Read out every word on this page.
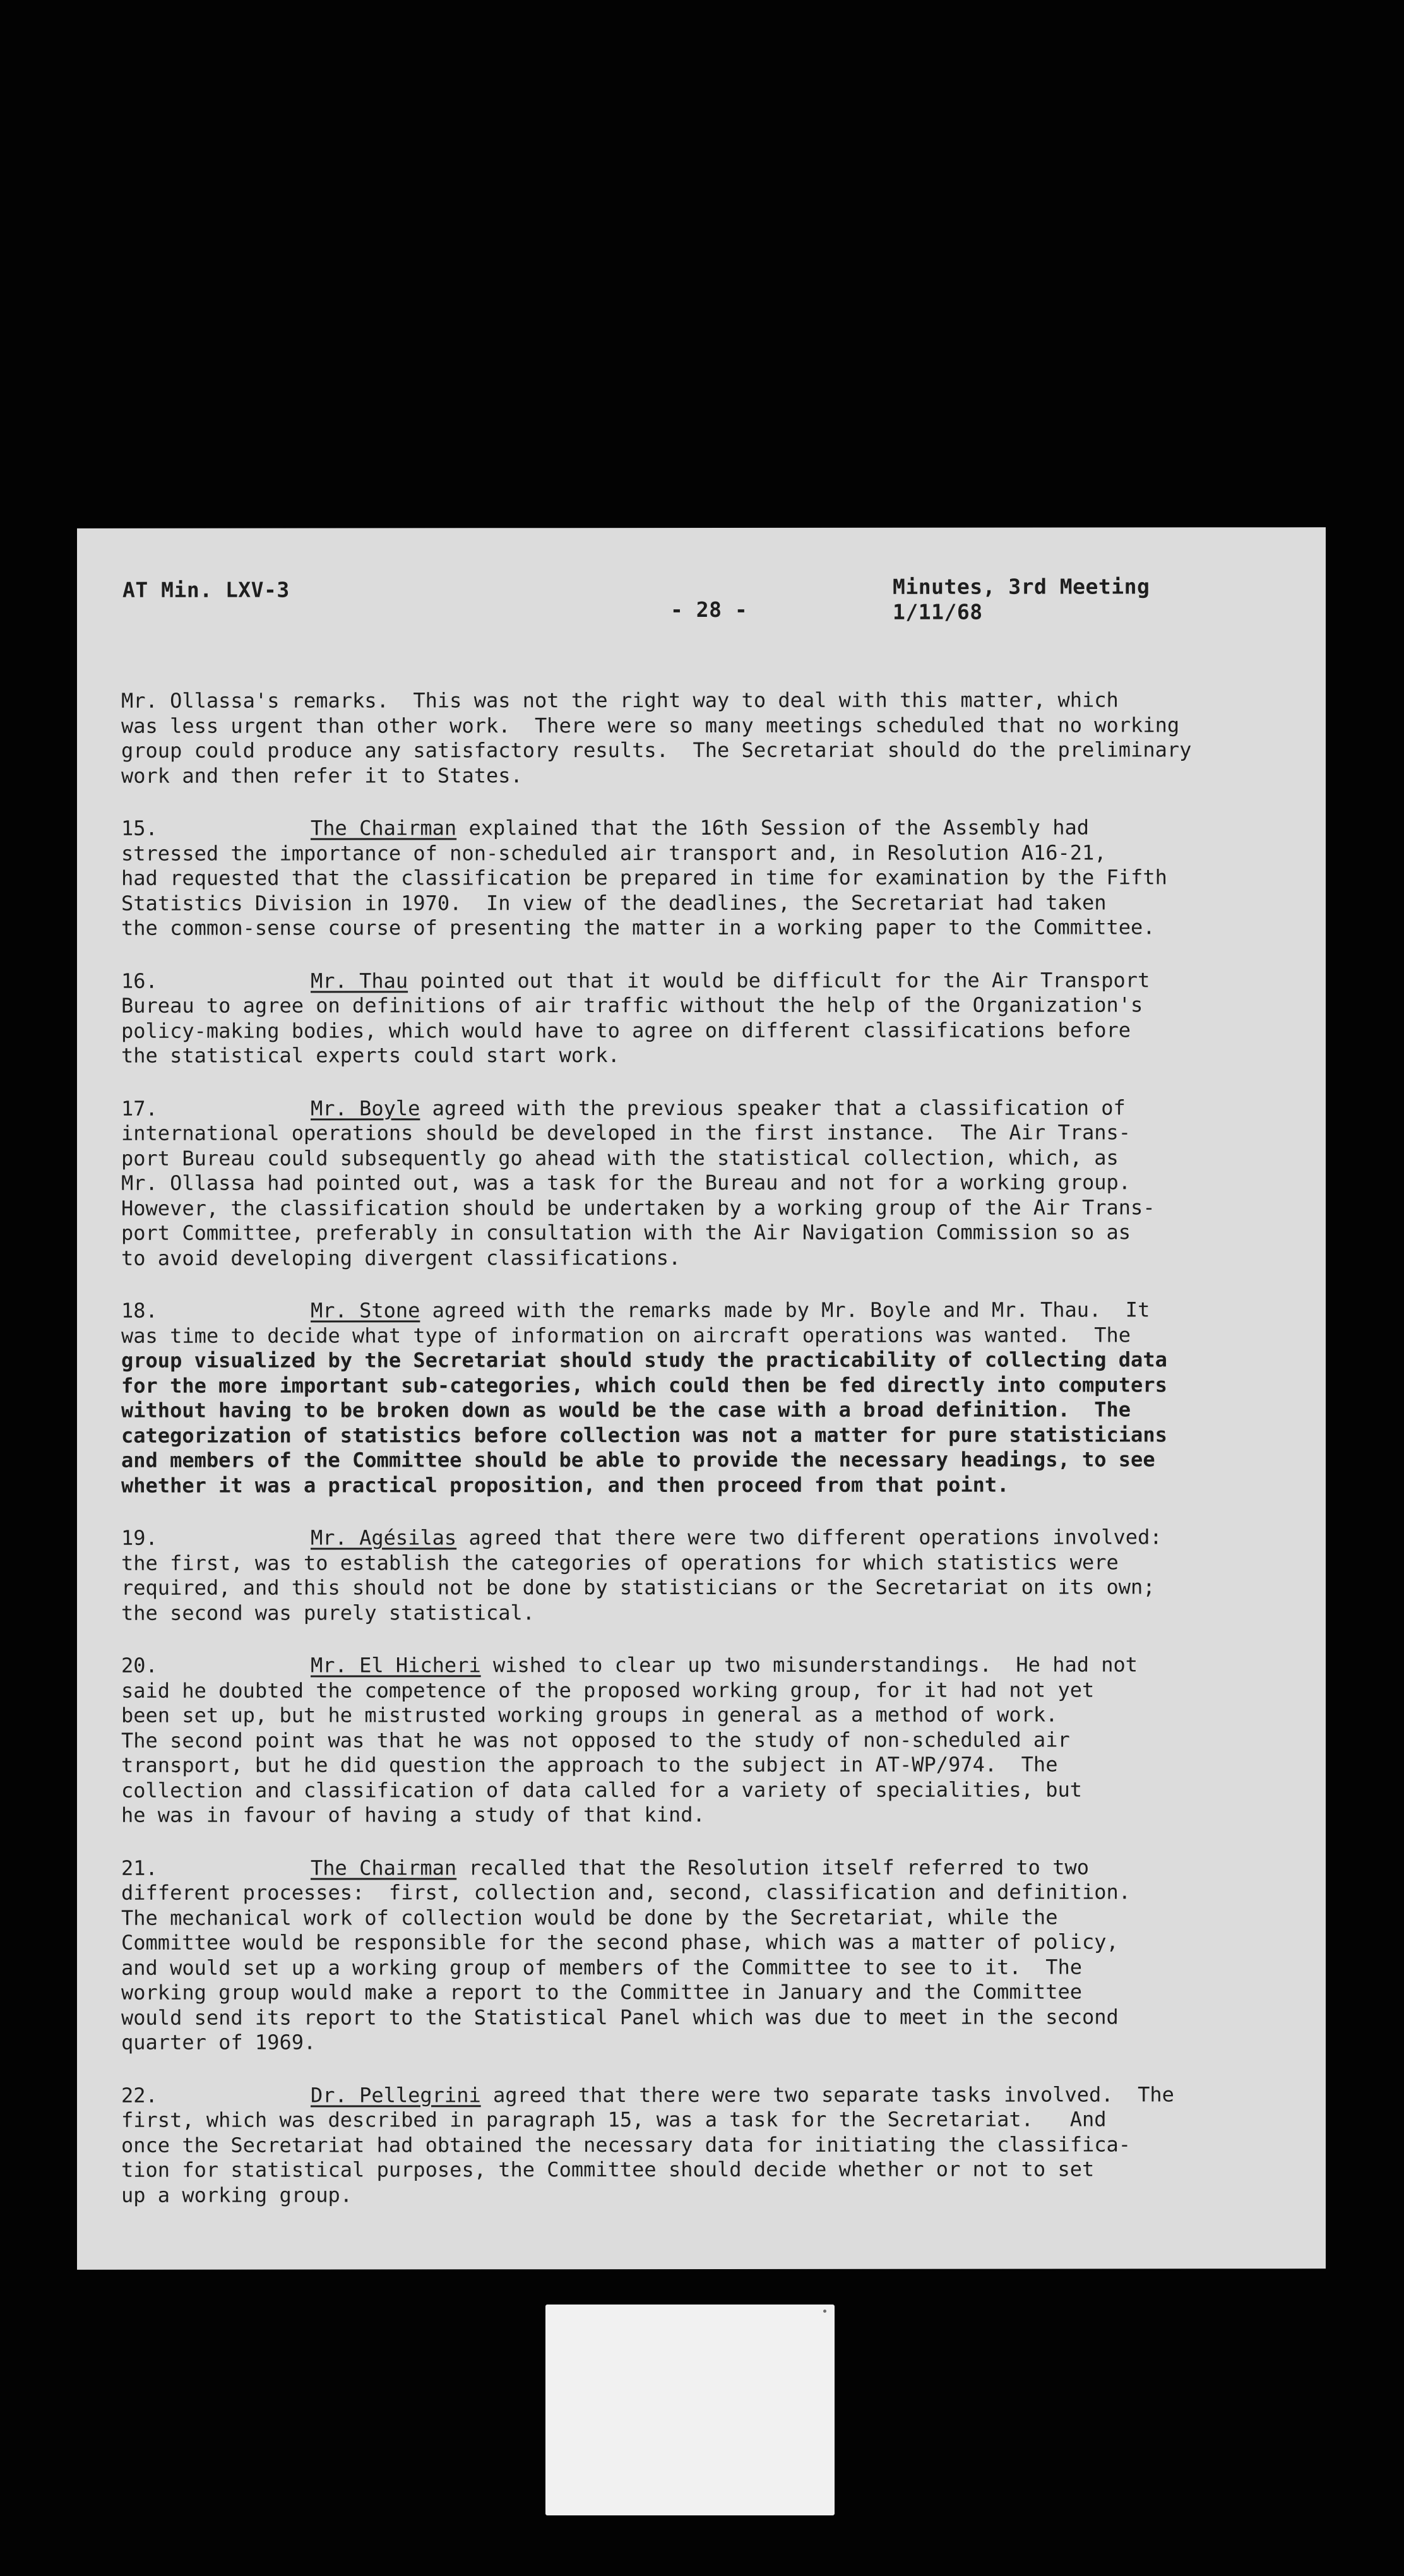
AT Min. LXV-3
- 28 -
Minutes, 3rd Meeting
1/11/68
Mr. Ollassa's remarks.  This was not the right way to deal with this matter, which
was less urgent than other work.  There were so many meetings scheduled that no working
group could produce any satisfactory results.  The Secretariat should do the preliminary
work and then refer it to States.
15.	The Chairman explained that the 16th Session of the Assembly had
stressed the importance of non-scheduled air transport and, in Resolution A16-21,
had requested that the classification be prepared in time for examination by the Fifth
Statistics Division in 1970.  In view of the deadlines, the Secretariat had taken
the common-sense course of presenting the matter in a working paper to the Committee.
16.	Mr. Thau pointed out that it would be difficult for the Air Transport
Bureau to agree on definitions of air traffic without the help of the Organization's
policy-making bodies, which would have to agree on different classifications before
the statistical experts could start work.
17.	Mr. Boyle agreed with the previous speaker that a classification of
international operations should be developed in the first instance.  The Air Trans-
port Bureau could subsequently go ahead with the statistical collection, which, as
Mr. Ollassa had pointed out, was a task for the Bureau and not for a working group.
However, the classification should be undertaken by a working group of the Air Trans-
port Committee, preferably in consultation with the Air Navigation Commission so as
to avoid developing divergent classifications.
18.	Mr. Stone agreed with the remarks made by Mr. Boyle and Mr. Thau.  It
was time to decide what type of information on aircraft operations was wanted.  The
group visualized by the Secretariat should study the practicability of collecting data
for the more important sub-categories, which could then be fed directly into computers
without having to be broken down as would be the case with a broad definition.  The
categorization of statistics before collection was not a matter for pure statisticians
and members of the Committee should be able to provide the necessary headings, to see
whether it was a practical proposition, and then proceed from that point.
19.	Mr. Agésilas agreed that there were two different operations involved:
the first, was to establish the categories of operations for which statistics were
required, and this should not be done by statisticians or the Secretariat on its own;
the second was purely statistical.
20.	Mr. El Hicheri wished to clear up two misunderstandings.  He had not
said he doubted the competence of the proposed working group, for it had not yet
been set up, but he mistrusted working groups in general as a method of work.
The second point was that he was not opposed to the study of non-scheduled air
transport, but he did question the approach to the subject in AT-WP/974.  The
collection and classification of data called for a variety of specialities, but
he was in favour of having a study of that kind.
21.	The Chairman recalled that the Resolution itself referred to two
different processes:  first, collection and, second, classification and definition.
The mechanical work of collection would be done by the Secretariat, while the
Committee would be responsible for the second phase, which was a matter of policy,
and would set up a working group of members of the Committee to see to it.  The
working group would make a report to the Committee in January and the Committee
would send its report to the Statistical Panel which was due to meet in the second
quarter of 1969.
22.	Dr. Pellegrini agreed that there were two separate tasks involved.  The
first, which was described in paragraph 15, was a task for the Secretariat.   And
once the Secretariat had obtained the necessary data for initiating the classifica-
tion for statistical purposes, the Committee should decide whether or not to set
up a working group.
